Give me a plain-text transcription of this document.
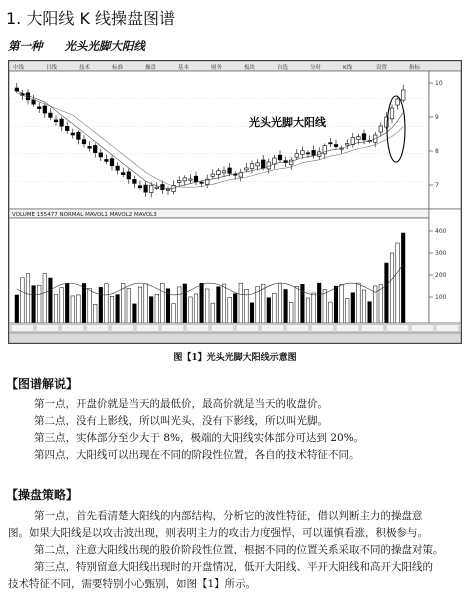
1. 大阳线 K 线操盘图谱
第一种 光头光脚大阳线
中线	日线	技术	标准	操盘	基本	财务	板块	自选	分时	K线	设置	指标
10
9
8
7
VOLUME 155477 NORMAL MAVOL1 MAVOL2 MAVOL3
400
300
200
100
光头光脚大阳线
图【1】光头光脚大阳线示意图
【图谱解说】
第一点，开盘价就是当天的最低价，最高价就是当天的收盘价。
第二点，没有上影线，所以叫光头，没有下影线，所以叫光脚。
第三点，实体部分至少大于 8%，极端的大阳线实体部分可达到 20%。
第四点，大阳线可以出现在不同的阶段性位置，各自的技术特征不同。
【操盘策略】
第一点，首先看清楚大阳线的内部结构，分析它的波性特征，借以判断主力的操盘意
图。如果大阳线是以攻击波出现，则表明主力的攻击力度强悍，可以谨慎看涨，积极参与。
第二点，注意大阳线出现的股价阶段性位置，根据不同的位置关系采取不同的操盘对策。
第三点，特别留意大阳线出现时的开盘情况，低开大阳线、平开大阳线和高开大阳线的
技术特征不同，需要特别小心甄别，如图【1】所示。
